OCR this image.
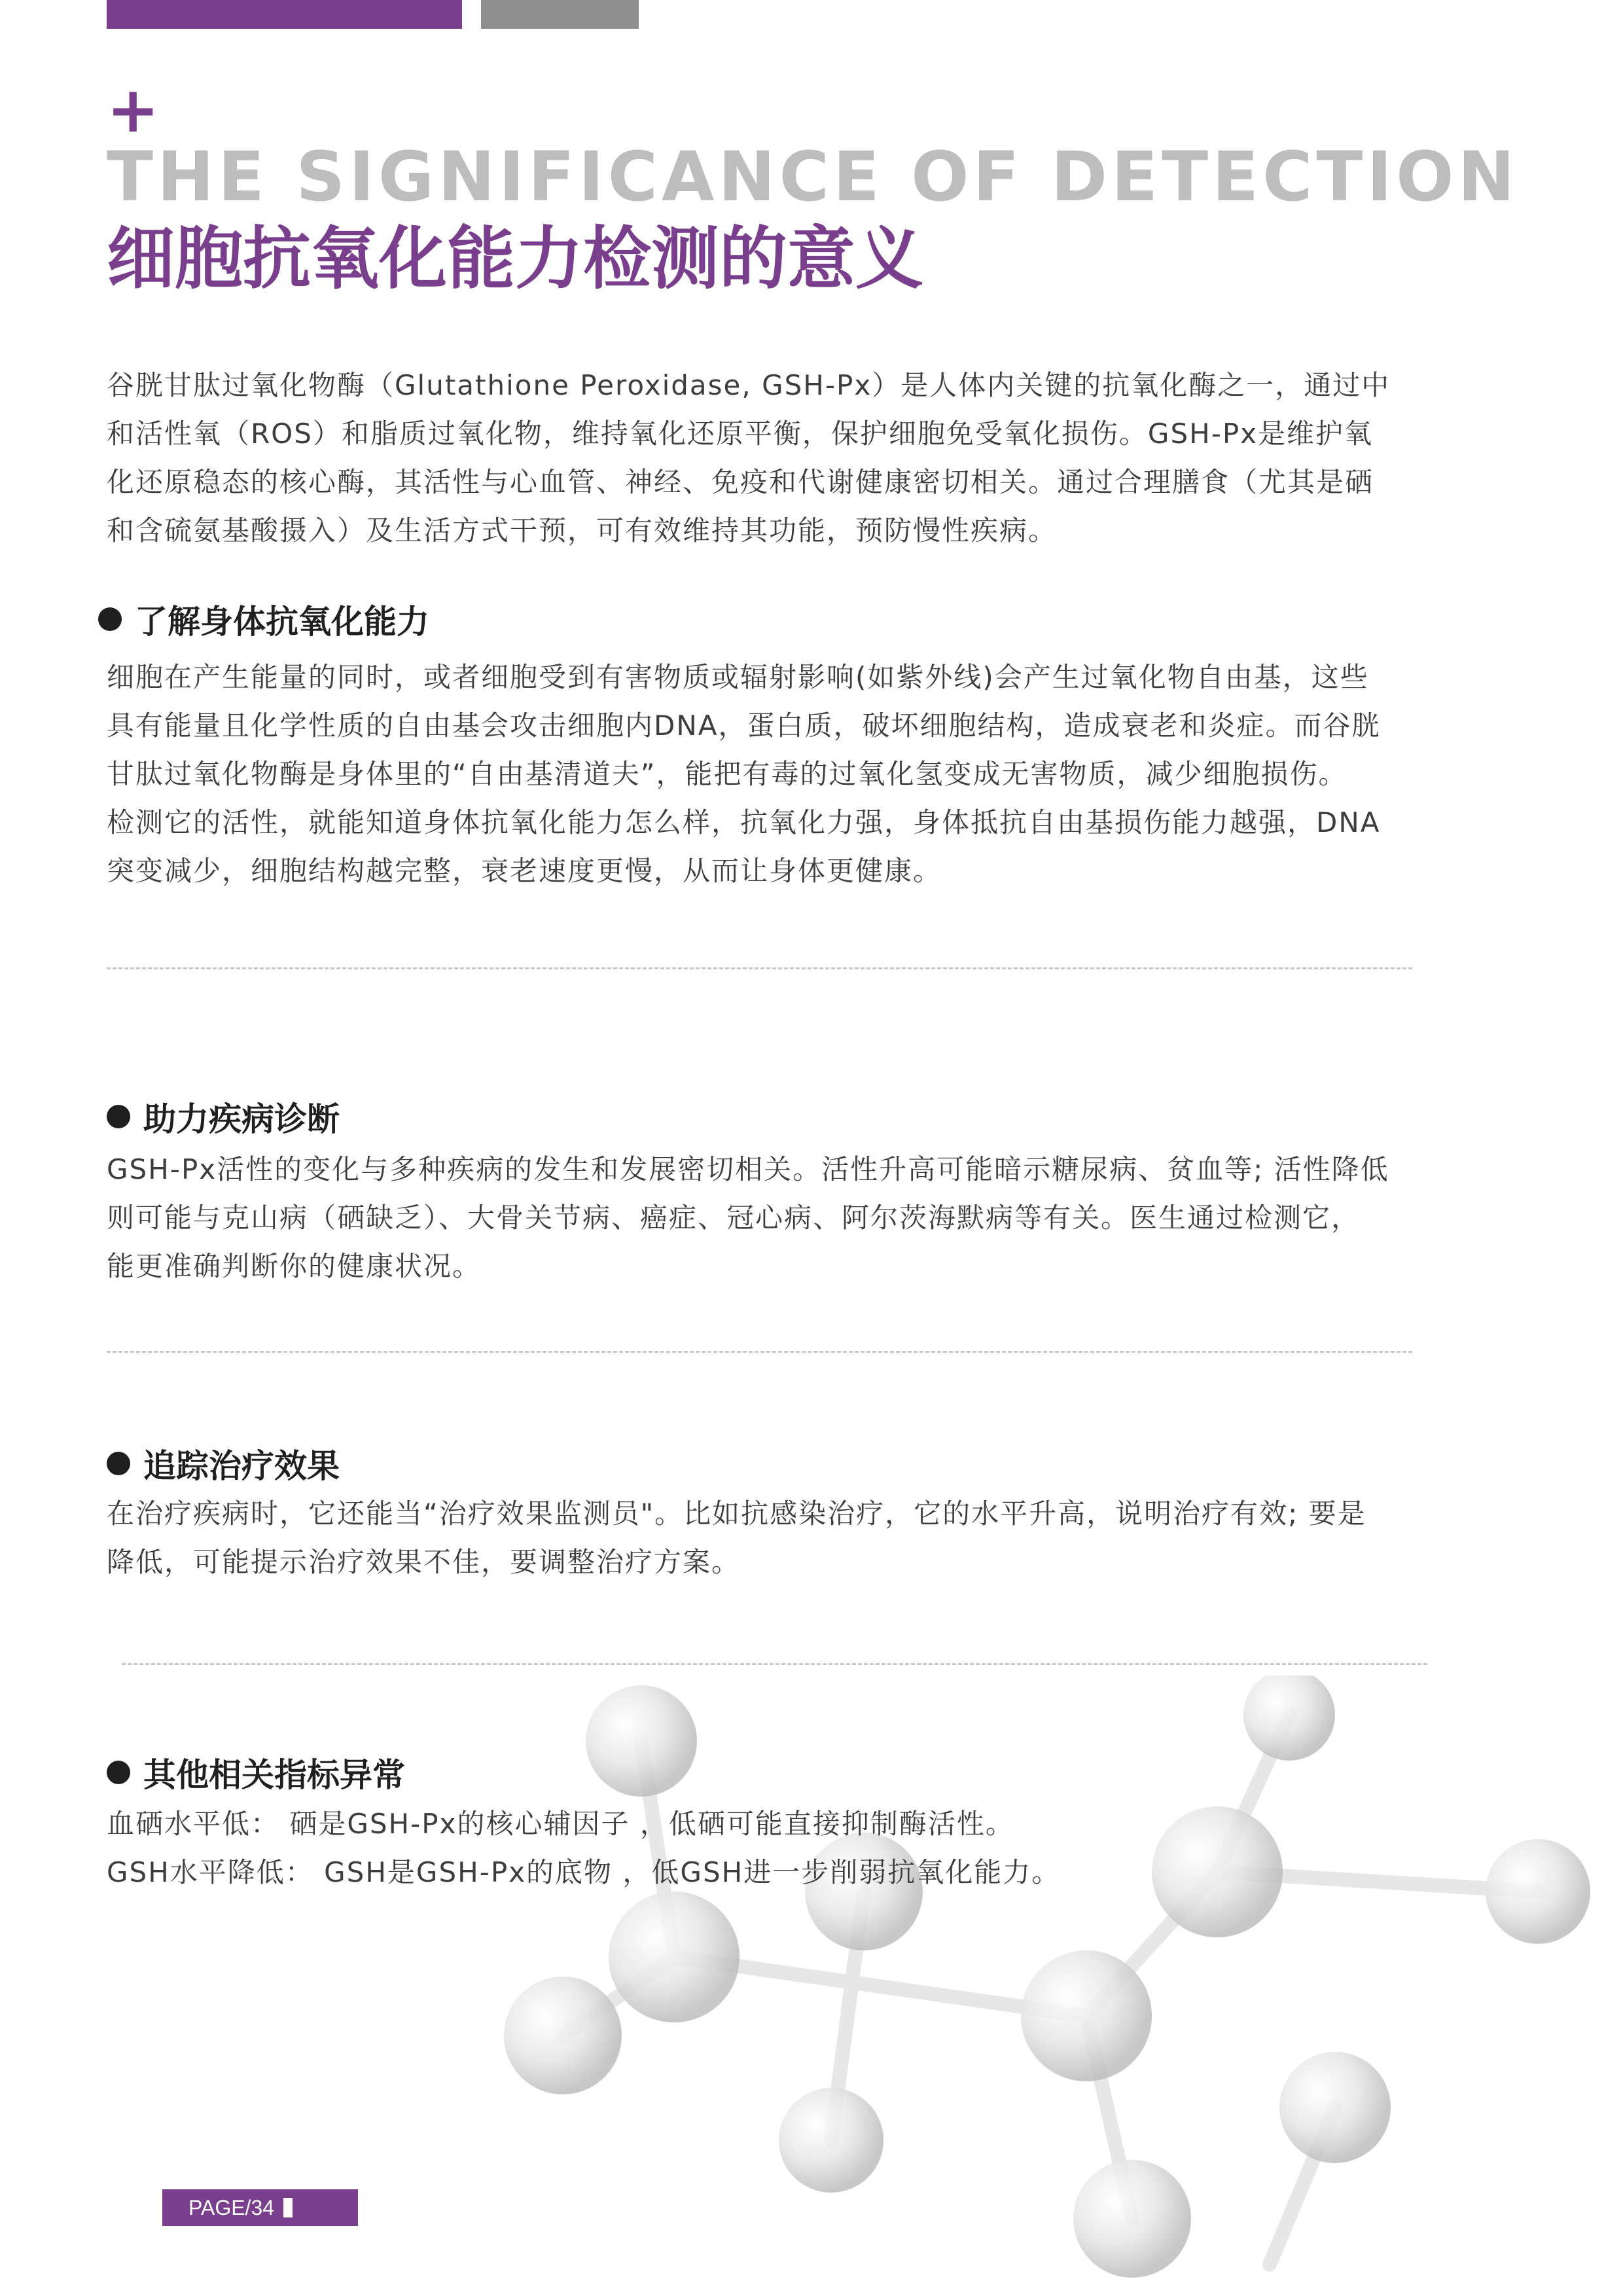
+
THE SIGNIFICANCE OF DETECTION
细胞抗氧化能力检测的意义
谷胱甘肽过氧化物酶（Glutathione Peroxidase, GSH-Px）是人体内关键的抗氧化酶之一，通过中
和活性氧（ROS）和脂质过氧化物，维持氧化还原平衡，保护细胞免受氧化损伤。GSH-Px是维护氧
化还原稳态的核心酶，其活性与心血管、神经、免疫和代谢健康密切相关。通过合理膳食（尤其是硒
和含硫氨基酸摄入）及生活方式干预，可有效维持其功能，预防慢性疾病。
了解身体抗氧化能力
细胞在产生能量的同时，或者细胞受到有害物质或辐射影响(如紫外线)会产生过氧化物自由基，这些
具有能量且化学性质的自由基会攻击细胞内DNA，蛋白质，破坏细胞结构，造成衰老和炎症。而谷胱
甘肽过氧化物酶是身体里的“自由基清道夫”，能把有毒的过氧化氢变成无害物质，减少细胞损伤。
检测它的活性，就能知道身体抗氧化能力怎么样，抗氧化力强，身体抵抗自由基损伤能力越强，DNA
突变减少，细胞结构越完整，衰老速度更慢，从而让身体更健康。
助力疾病诊断
GSH-Px活性的变化与多种疾病的发生和发展密切相关。活性升高可能暗示糖尿病、贫血等; 活性降低
则可能与克山病（硒缺乏）、大骨关节病、癌症、冠心病、阿尔茨海默病等有关。医生通过检测它，
能更准确判断你的健康状况。
追踪治疗效果
在治疗疾病时，它还能当“治疗效果监测员"。比如抗感染治疗，它的水平升高，说明治疗有效; 要是
降低，可能提示治疗效果不佳，要调整治疗方案。
其他相关指标异常
血硒水平低： 硒是GSH-Px的核心辅因子 ，低硒可能直接抑制酶活性。
GSH水平降低： GSH是GSH-Px的底物 ，低GSH进一步削弱抗氧化能力。
PAGE/34
